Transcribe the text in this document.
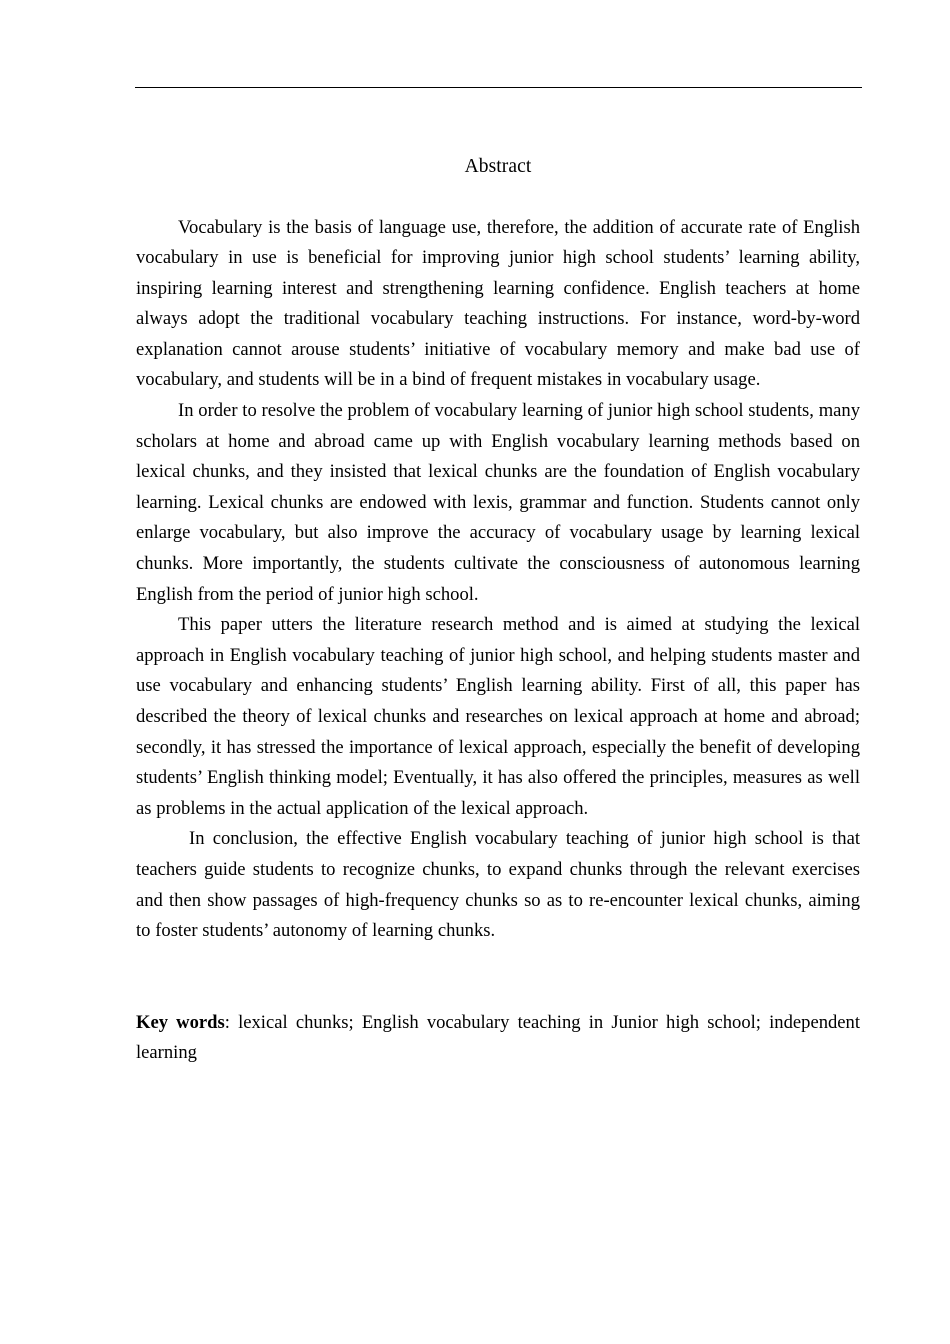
Abstract

Vocabulary is the basis of language use, therefore, the addition of accurate rate of English vocabulary in use is beneficial for improving junior high school students’ learning ability, inspiring learning interest and strengthening learning confidence. English teachers at home always adopt the traditional vocabulary teaching instructions. For instance, word-by-word explanation cannot arouse students’ initiative of vocabulary memory and make bad use of vocabulary, and students will be in a bind of frequent mistakes in vocabulary usage.

In order to resolve the problem of vocabulary learning of junior high school students, many scholars at home and abroad came up with English vocabulary learning methods based on lexical chunks, and they insisted that lexical chunks are the foundation of English vocabulary learning. Lexical chunks are endowed with lexis, grammar and function. Students cannot only enlarge vocabulary, but also improve the accuracy of vocabulary usage by learning lexical chunks. More importantly, the students cultivate the consciousness of autonomous learning English from the period of junior high school.

This paper utters the literature research method and is aimed at studying the lexical approach in English vocabulary teaching of junior high school, and helping students master and use vocabulary and enhancing students’ English learning ability. First of all, this paper has described the theory of lexical chunks and researches on lexical approach at home and abroad; secondly, it has stressed the importance of lexical approach, especially the benefit of developing students’ English thinking model; Eventually, it has also offered the principles, measures as well as problems in the actual application of the lexical approach.

In conclusion, the effective English vocabulary teaching of junior high school is that teachers guide students to recognize chunks, to expand chunks through the relevant exercises and then show passages of high-frequency chunks so as to re-encounter lexical chunks, aiming to foster students’ autonomy of learning chunks.

Key words: lexical chunks; English vocabulary teaching in Junior high school; independent learning
